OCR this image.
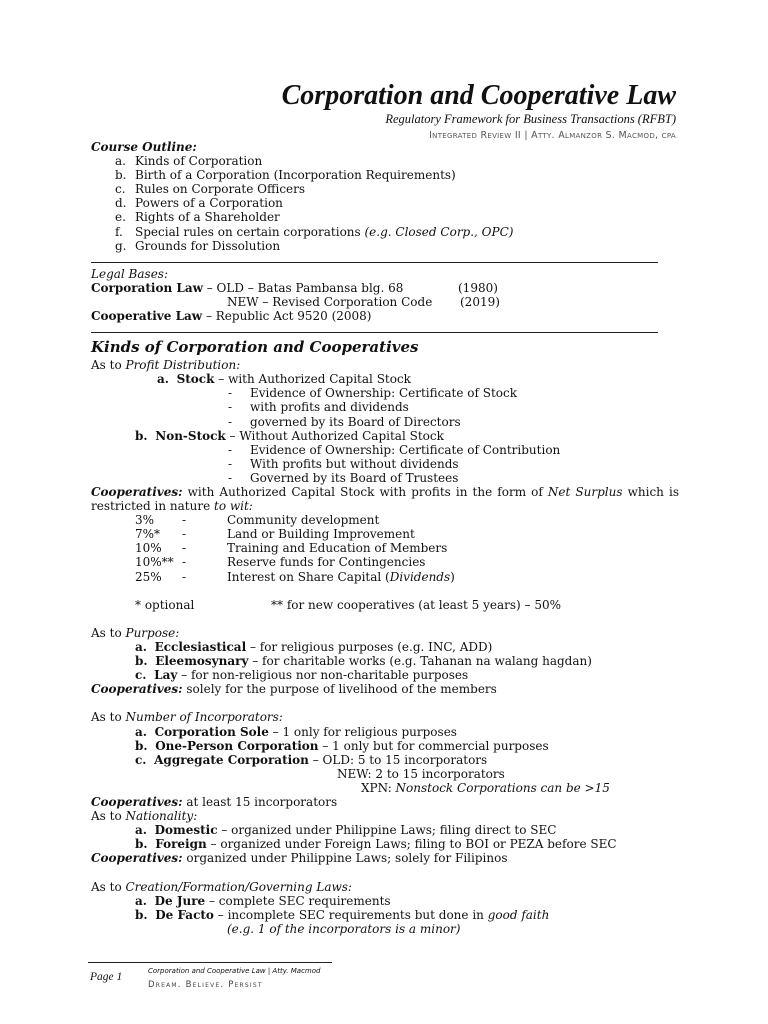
Corporation and Cooperative Law
Regulatory Framework for Business Transactions (RFBT)
Integrated Review II | Atty. Almanzor S. Macmod, cpa
Course Outline:
a. Kinds of Corporation
b. Birth of a Corporation (Incorporation Requirements)
c. Rules on Corporate Officers
d. Powers of a Corporation
e. Rights of a Shareholder
f. Special rules on certain corporations (e.g. Closed Corp., OPC)
g. Grounds for Dissolution
Legal Bases:
Corporation Law – OLD – Batas Pambansa blg. 68	(1980)
NEW – Revised Corporation Code (2019)
Cooperative Law – Republic Act 9520 (2008)
Kinds of Corporation and Cooperatives
As to Profit Distribution:
a. Stock – with Authorized Capital Stock
- Evidence of Ownership: Certificate of Stock
- with profits and dividends
- governed by its Board of Directors
b. Non-Stock – Without Authorized Capital Stock
- Evidence of Ownership: Certificate of Contribution
- With profits but without dividends
- Governed by its Board of Trustees
Cooperatives: with Authorized Capital Stock with profits in the form of Net Surplus which is restricted in nature to wit:
3% -	Community development
7%* -	Land or Building Improvement
10% -	Training and Education of Members
10%** -	Reserve funds for Contingencies
25% -	Interest on Share Capital (Dividends)
* optional	** for new cooperatives (at least 5 years) – 50%
As to Purpose:
a. Ecclesiastical – for religious purposes (e.g. INC, ADD)
b. Eleemosynary – for charitable works (e.g. Tahanan na walang hagdan)
c. Lay – for non-religious nor non-charitable purposes
Cooperatives: solely for the purpose of livelihood of the members
As to Number of Incorporators:
a. Corporation Sole – 1 only for religious purposes
b. One-Person Corporation – 1 only but for commercial purposes
c. Aggregate Corporation – OLD: 5 to 15 incorporators
NEW: 2 to 15 incorporators
XPN: Nonstock Corporations can be >15
Cooperatives: at least 15 incorporators
As to Nationality:
a. Domestic – organized under Philippine Laws; filing direct to SEC
b. Foreign – organized under Foreign Laws; filing to BOI or PEZA before SEC
Cooperatives: organized under Philippine Laws; solely for Filipinos
As to Creation/Formation/Governing Laws:
a. De Jure – complete SEC requirements
b. De Facto – incomplete SEC requirements but done in good faith
(e.g. 1 of the incorporators is a minor)
Page 1	Corporation and Cooperative Law | Atty. Macmod
Dream. Believe. Persist
